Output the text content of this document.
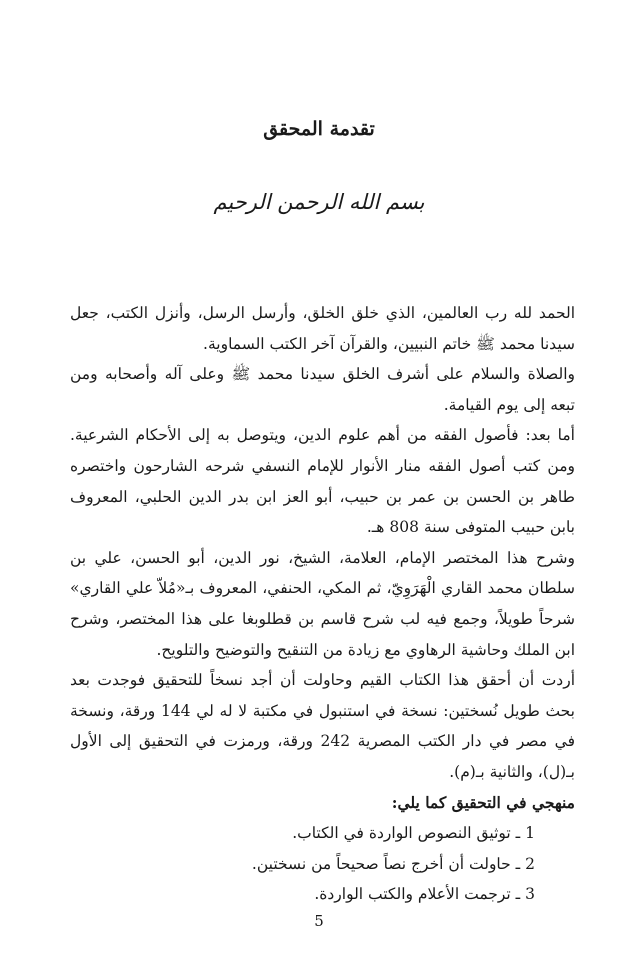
تقدمة المحقق
بسم الله الرحمن الرحيم

الحمد لله رب العالمين، الذي خلق الخلق، وأرسل الرسل، وأنزل الكتب، جعل سيدنا محمد ﷺ خاتم النبيين، والقرآن آخر الكتب السماوية.

والصلاة والسلام على أشرف الخلق سيدنا محمد ﷺ وعلى آله وأصحابه ومن تبعه إلى يوم القيامة.

أما بعد: فأصول الفقه من أهم علوم الدين، ويتوصل به إلى الأحكام الشرعية. ومن كتب أصول الفقه منار الأنوار للإمام النسفي شرحه الشارحون واختصره طاهر بن الحسن بن عمر بن حبيب، أبو العز ابن بدر الدين الحلبي، المعروف بابن حبيب المتوفى سنة 808 هـ.

وشرح هذا المختصر الإمام، العلامة، الشيخ، نور الدين، أبو الحسن، علي بن سلطان محمد القاري الْهَرَوِيّ، ثم المكي، الحنفي، المعروف بـ«مُلاّ علي القاري» شرحاً طويلاً، وجمع فيه لب شرح قاسم بن قطلوبغا على هذا المختصر، وشرح ابن الملك وحاشية الرهاوي مع زيادة من التنقيح والتوضيح والتلويح.

أردت أن أحقق هذا الكتاب القيم وحاولت أن أجد نسخاً للتحقيق فوجدت بعد بحث طويل نُسختين: نسخة في استنبول في مكتبة لا له لي 144 ورقة، ونسخة في مصر في دار الكتب المصرية 242 ورقة، ورمزت في التحقيق إلى الأول بـ(ل)، والثانية بـ(م).

منهجي في التحقيق كما يلي:

1 ـ توثيق النصوص الواردة في الكتاب.

2 ـ حاولت أن أخرج نصاً صحيحاً من نسختين.

3 ـ ترجمت الأعلام والكتب الواردة.

5
